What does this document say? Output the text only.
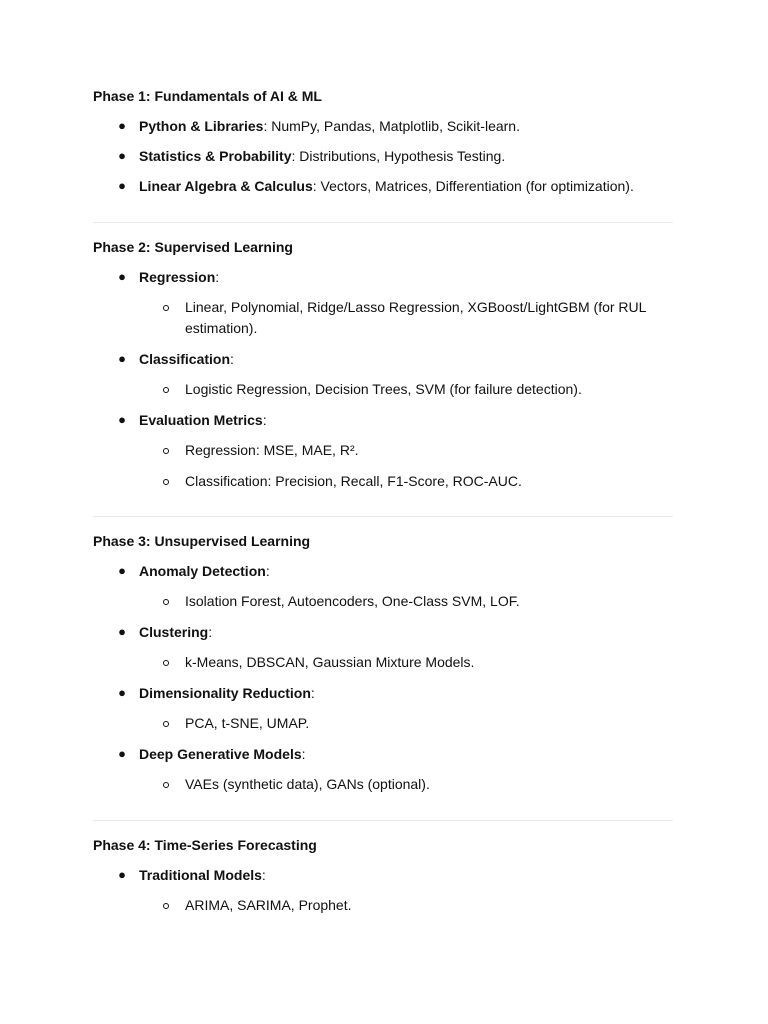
Phase 1: Fundamentals of AI & ML
● Python & Libraries: NumPy, Pandas, Matplotlib, Scikit-learn.
● Statistics & Probability: Distributions, Hypothesis Testing.
● Linear Algebra & Calculus: Vectors, Matrices, Differentiation (for optimization).
Phase 2: Supervised Learning
● Regression:
Linear, Polynomial, Ridge/Lasso Regression, XGBoost/LightGBM (for RUL estimation).
● Classification:
Logistic Regression, Decision Trees, SVM (for failure detection).
● Evaluation Metrics:
Regression: MSE, MAE, R².
Classification: Precision, Recall, F1-Score, ROC-AUC.
Phase 3: Unsupervised Learning
● Anomaly Detection:
Isolation Forest, Autoencoders, One-Class SVM, LOF.
● Clustering:
k-Means, DBSCAN, Gaussian Mixture Models.
● Dimensionality Reduction:
PCA, t-SNE, UMAP.
● Deep Generative Models:
VAEs (synthetic data), GANs (optional).
Phase 4: Time-Series Forecasting
● Traditional Models:
ARIMA, SARIMA, Prophet.
